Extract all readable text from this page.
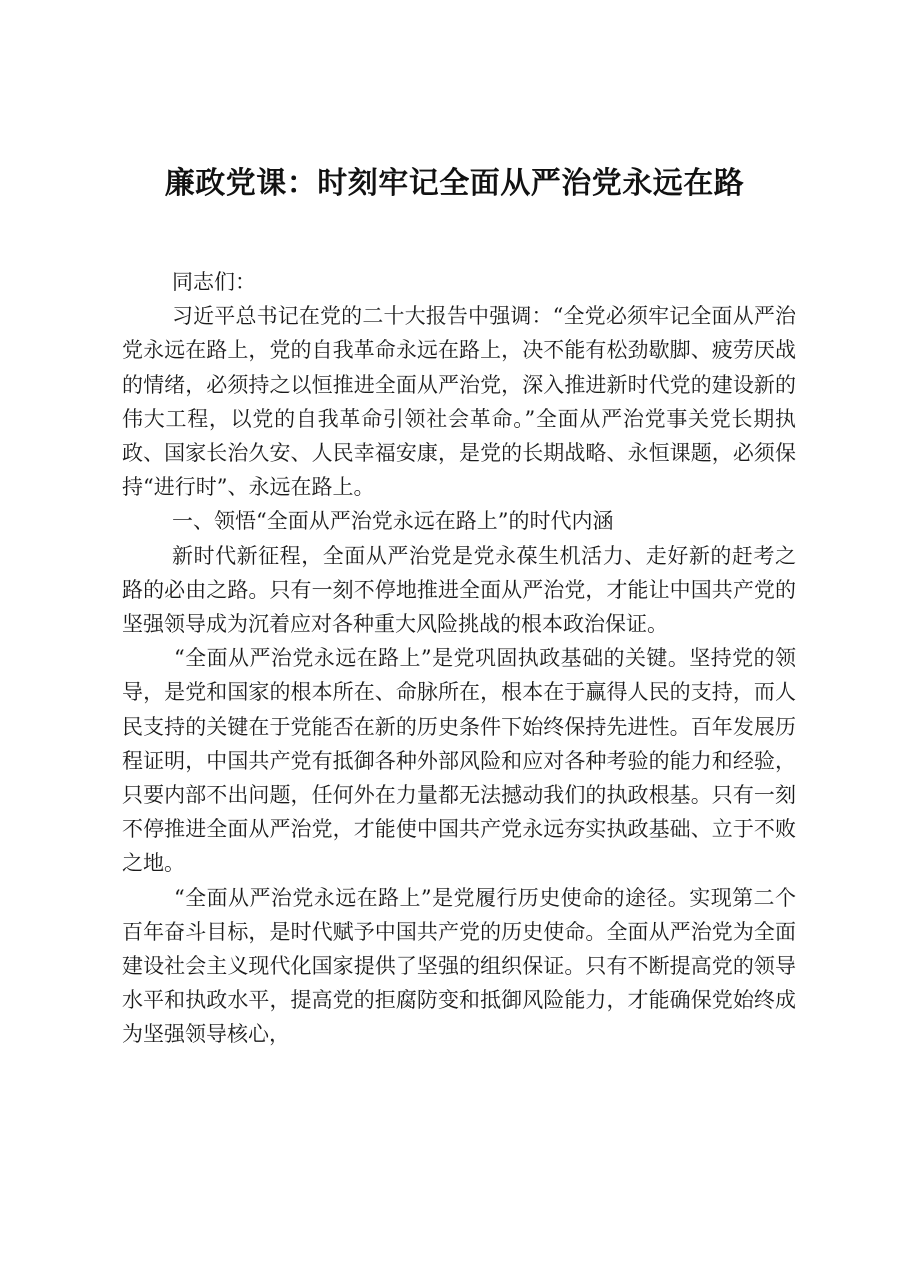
廉政党课：时刻牢记全面从严治党永远在路

同志们：

习近平总书记在党的二十大报告中强调：“全党必须牢记全面从严治党永远在路上，党的自我革命永远在路上，决不能有松劲歇脚、疲劳厌战的情绪，必须持之以恒推进全面从严治党，深入推进新时代党的建设新的伟大工程，以党的自我革命引领社会革命。”全面从严治党事关党长期执政、国家长治久安、人民幸福安康，是党的长期战略、永恒课题，必须保持“进行时”、永远在路上。

一、领悟“全面从严治党永远在路上”的时代内涵

新时代新征程，全面从严治党是党永葆生机活力、走好新的赶考之路的必由之路。只有一刻不停地推进全面从严治党，才能让中国共产党的坚强领导成为沉着应对各种重大风险挑战的根本政治保证。

“全面从严治党永远在路上”是党巩固执政基础的关键。坚持党的领导，是党和国家的根本所在、命脉所在，根本在于赢得人民的支持，而人民支持的关键在于党能否在新的历史条件下始终保持先进性。百年发展历程证明，中国共产党有抵御各种外部风险和应对各种考验的能力和经验，只要内部不出问题，任何外在力量都无法撼动我们的执政根基。只有一刻不停推进全面从严治党，才能使中国共产党永远夯实执政基础、立于不败之地。

“全面从严治党永远在路上”是党履行历史使命的途径。实现第二个百年奋斗目标，是时代赋予中国共产党的历史使命。全面从严治党为全面建设社会主义现代化国家提供了坚强的组织保证。只有不断提高党的领导水平和执政水平，提高党的拒腐防变和抵御风险能力，才能确保党始终成为坚强领导核心，
